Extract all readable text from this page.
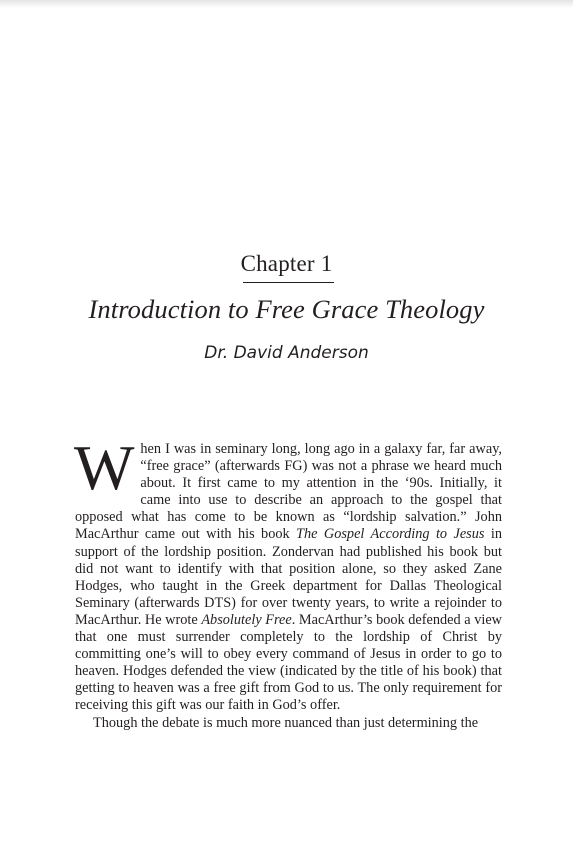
Chapter 1
Introduction to Free Grace Theology
Dr. David Anderson

When I was in seminary long, long ago in a galaxy far, far away, “free grace” (afterwards FG) was not a phrase we heard much about. It first came to my attention in the ‘90s. Initially, it came into use to describe an approach to the gospel that opposed what has come to be known as “lordship salvation.” John MacArthur came out with his book The Gospel According to Jesus in support of the lordship position. Zondervan had published his book but did not want to identify with that position alone, so they asked Zane Hodges, who taught in the Greek department for Dallas Theological Seminary (afterwards DTS) for over twenty years, to write a rejoinder to MacArthur. He wrote Absolutely Free. MacArthur’s book defended a view that one must surrender completely to the lordship of Christ by committing one’s will to obey every command of Jesus in order to go to heaven. Hodges defended the view (indicated by the title of his book) that getting to heaven was a free gift from God to us. The only requirement for receiving this gift was our faith in God’s offer.

Though the debate is much more nuanced than just determining the
